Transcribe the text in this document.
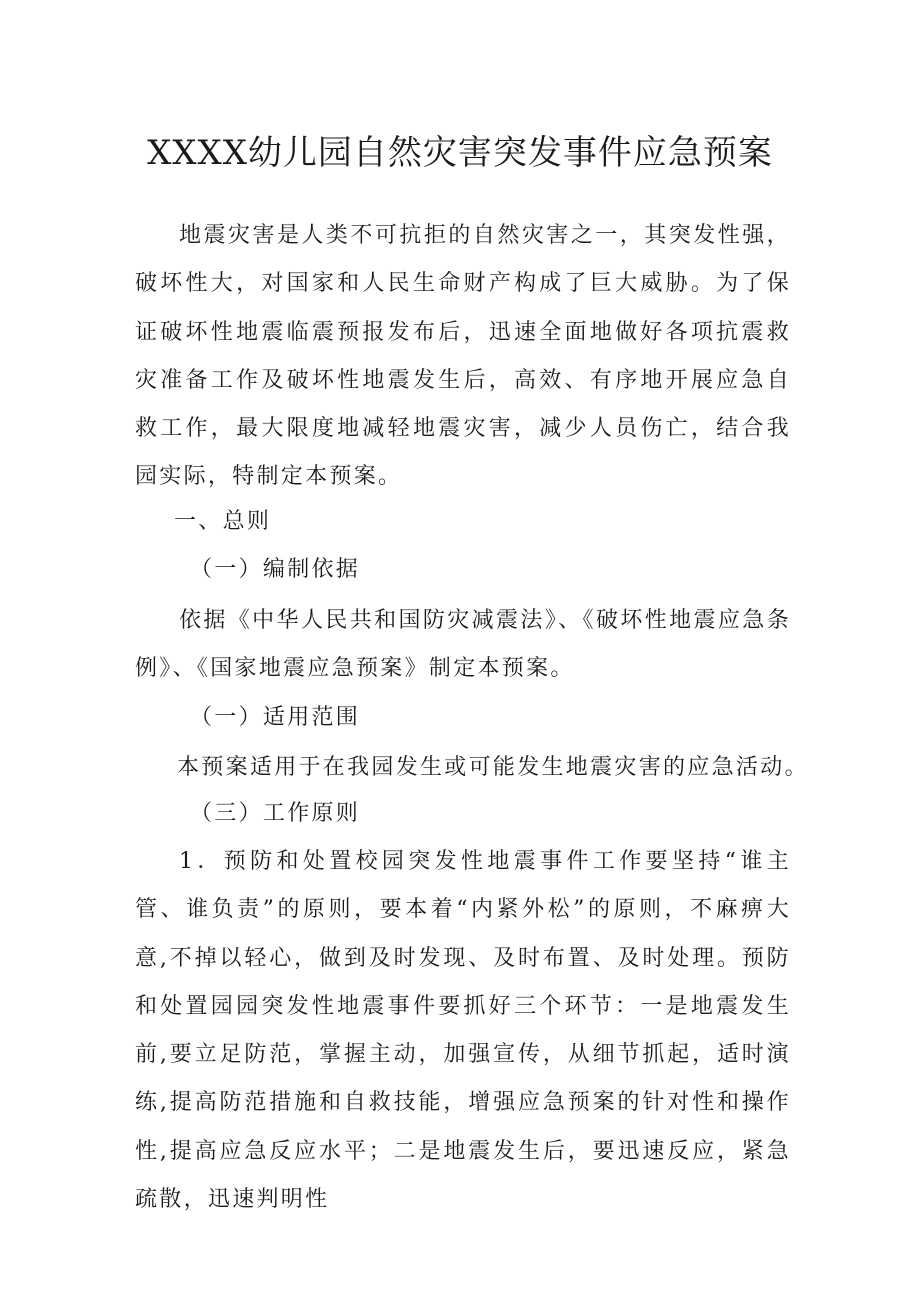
XXXX幼儿园自然灾害突发事件应急预案

地震灾害是人类不可抗拒的自然灾害之一，其突发性强，破坏性大，对国家和人民生命财产构成了巨大威胁。为了保证破坏性地震临震预报发布后，迅速全面地做好各项抗震救灾准备工作及破坏性地震发生后，高效、有序地开展应急自救工作，最大限度地减轻地震灾害，减少人员伤亡，结合我园实际，特制定本预案。

一、总则

（一）编制依据

依据《中华人民共和国防灾减震法》、《破坏性地震应急条例》、《国家地震应急预案》制定本预案。

（一）适用范围

本预案适用于在我园发生或可能发生地震灾害的应急活动。

（三）工作原则

1．预防和处置校园突发性地震事件工作要坚持“谁主管、谁负责”的原则，要本着“内紧外松”的原则，不麻痹大意,不掉以轻心，做到及时发现、及时布置、及时处理。预防和处置园园突发性地震事件要抓好三个环节：一是地震发生前,要立足防范，掌握主动，加强宣传，从细节抓起，适时演练,提高防范措施和自救技能，增强应急预案的针对性和操作性,提高应急反应水平；二是地震发生后，要迅速反应，紧急疏散，迅速判明性
